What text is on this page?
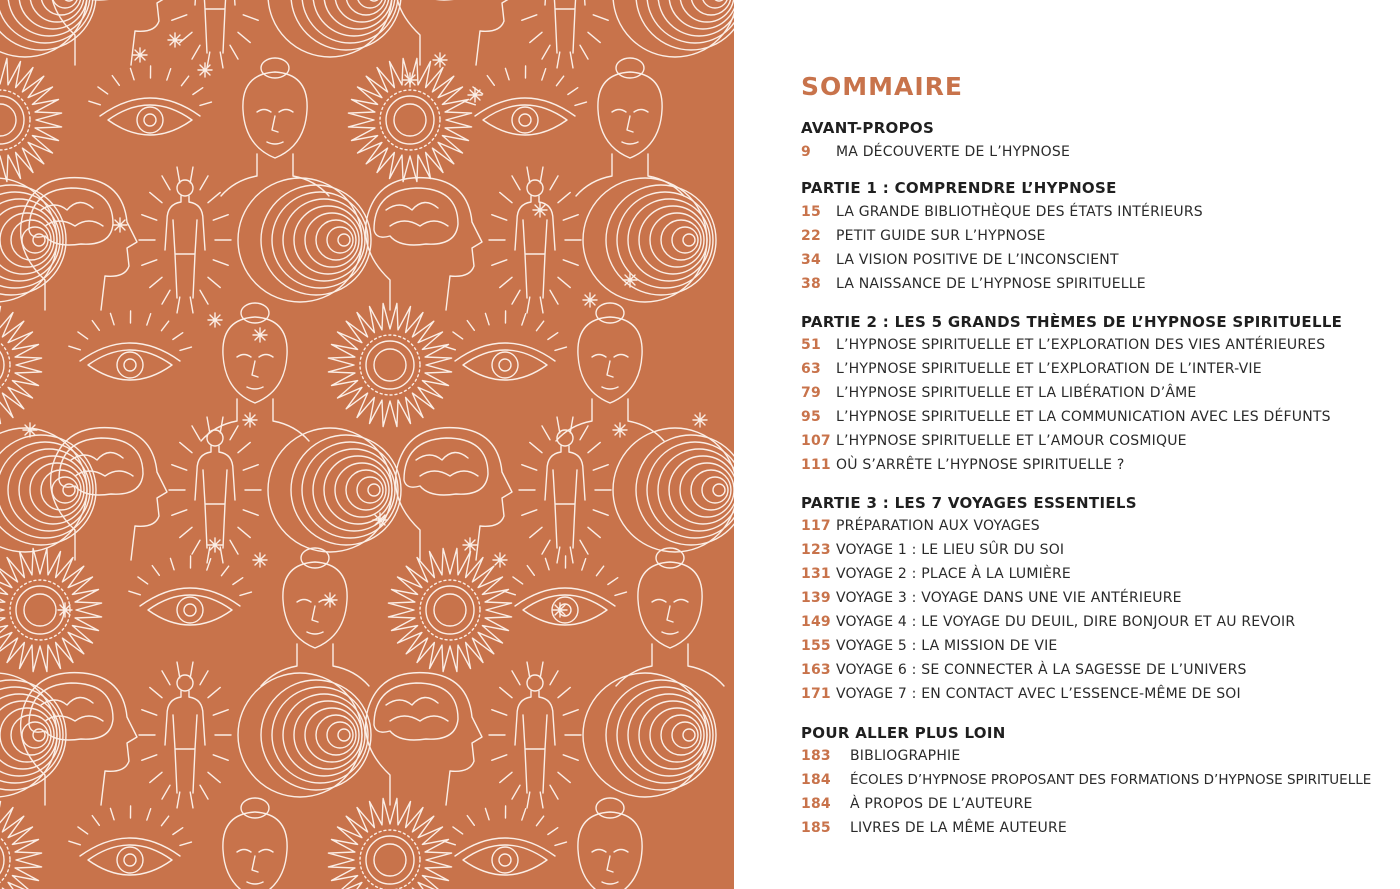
SOMMAIRE
AVANT-PROPOS
9	MA DÉCOUVERTE DE L’HYPNOSE
PARTIE 1 : COMPRENDRE L’HYPNOSE
15	LA GRANDE BIBLIOTHÈQUE DES ÉTATS INTÉRIEURS
22	PETIT GUIDE SUR L’HYPNOSE
34	LA VISION POSITIVE DE L’INCONSCIENT
38	LA NAISSANCE DE L’HYPNOSE SPIRITUELLE
PARTIE 2 : LES 5 GRANDS THÈMES DE L’HYPNOSE SPIRITUELLE
51	L’HYPNOSE SPIRITUELLE ET L’EXPLORATION DES VIES ANTÉRIEURES
63	L’HYPNOSE SPIRITUELLE ET L’EXPLORATION DE L’INTER-VIE
79	L’HYPNOSE SPIRITUELLE ET LA LIBÉRATION D’ÂME
95	L’HYPNOSE SPIRITUELLE ET LA COMMUNICATION AVEC LES DÉFUNTS
107 L’HYPNOSE SPIRITUELLE ET L’AMOUR COSMIQUE
111 OÙ S’ARRÊTE L’HYPNOSE SPIRITUELLE ?
PARTIE 3 : LES 7 VOYAGES ESSENTIELS
117 PRÉPARATION AUX VOYAGES
123 VOYAGE 1 : LE LIEU SÛR DU SOI
131 VOYAGE 2 : PLACE À LA LUMIÈRE
139 VOYAGE 3 : VOYAGE DANS UNE VIE ANTÉRIEURE
149 VOYAGE 4 : LE VOYAGE DU DEUIL, DIRE BONJOUR ET AU REVOIR
155 VOYAGE 5 : LA MISSION DE VIE
163 VOYAGE 6 : SE CONNECTER À LA SAGESSE DE L’UNIVERS
171 VOYAGE 7 : EN CONTACT AVEC L’ESSENCE-MÊME DE SOI
POUR ALLER PLUS LOIN
183	BIBLIOGRAPHIE
184	ÉCOLES D’HYPNOSE PROPOSANT DES FORMATIONS D’HYPNOSE SPIRITUELLE
184	À PROPOS DE L’AUTEURE
185	LIVRES DE LA MÊME AUTEURE
